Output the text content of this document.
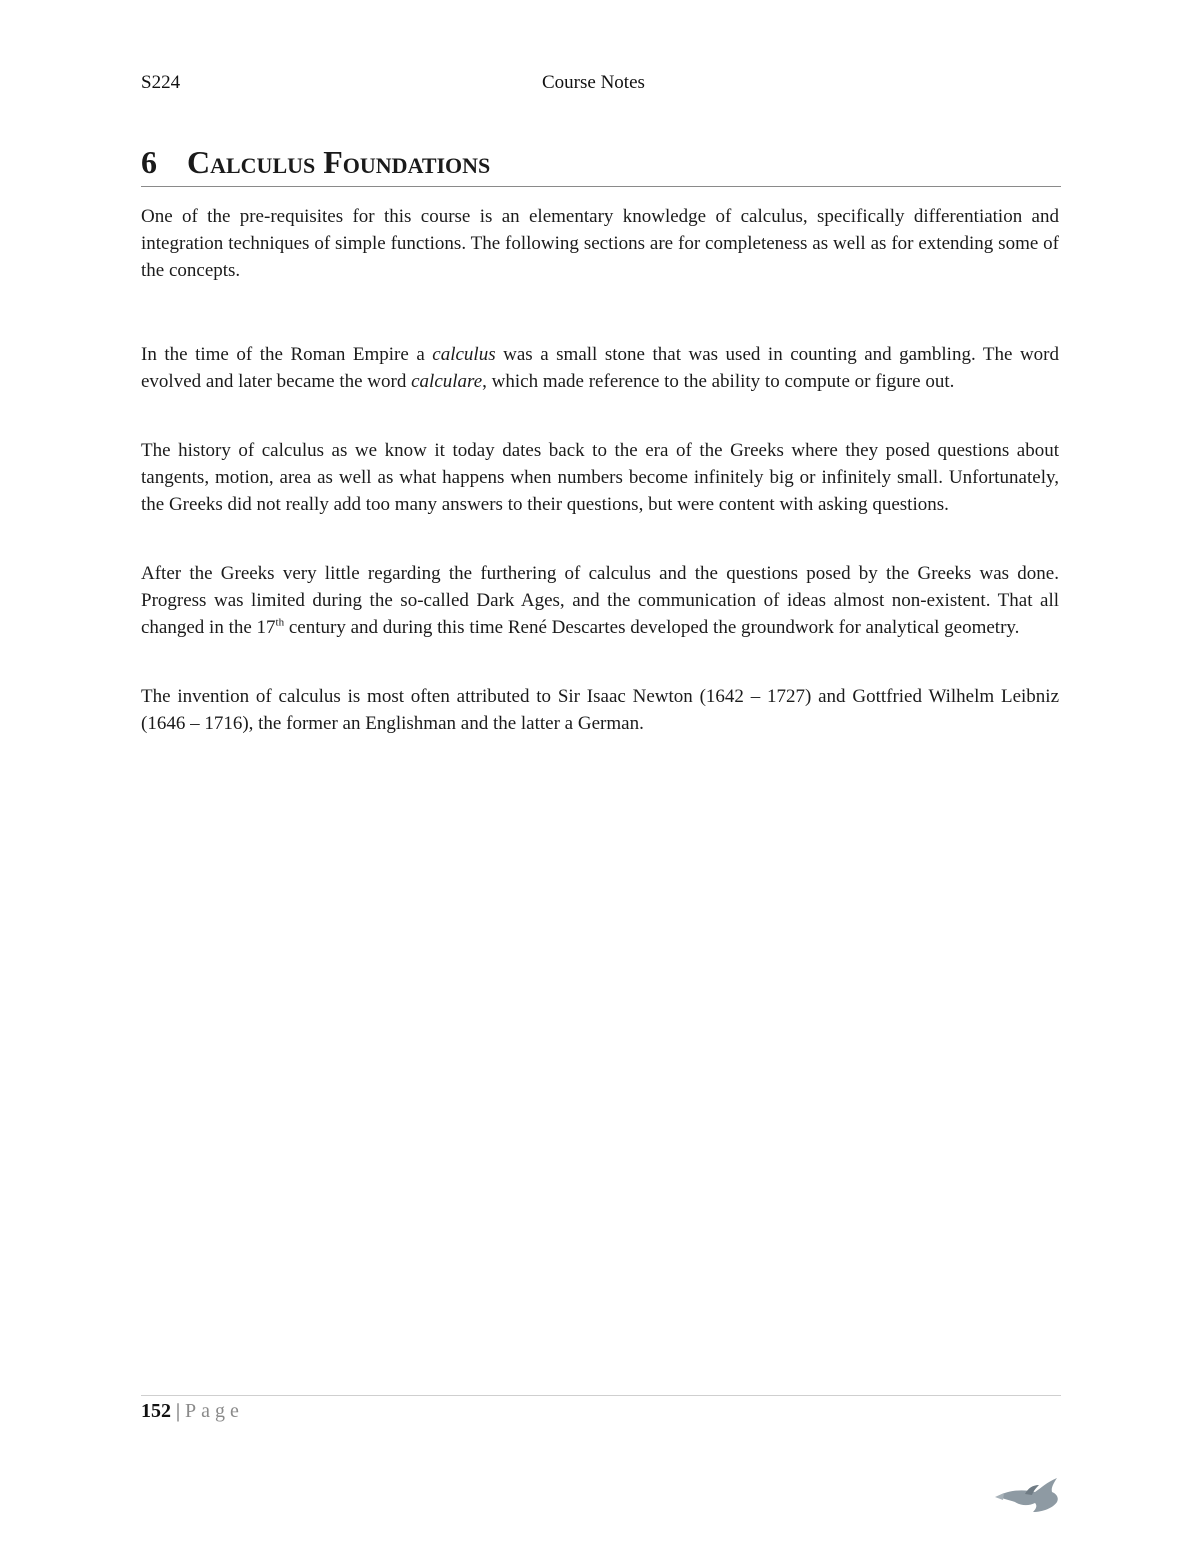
S224	Course Notes
6 Calculus Foundations

One of the pre-requisites for this course is an elementary knowledge of calculus, specifically differentiation and integration techniques of simple functions. The following sections are for completeness as well as for extending some of the concepts.

In the time of the Roman Empire a calculus was a small stone that was used in counting and gambling. The word evolved and later became the word calculare, which made reference to the ability to compute or figure out.

The history of calculus as we know it today dates back to the era of the Greeks where they posed questions about tangents, motion, area as well as what happens when numbers become infinitely big or infinitely small. Unfortunately, the Greeks did not really add too many answers to their questions, but were content with asking questions.

After the Greeks very little regarding the furthering of calculus and the questions posed by the Greeks was done. Progress was limited during the so-called Dark Ages, and the communication of ideas almost non-existent. That all changed in the 17th century and during this time René Descartes developed the groundwork for analytical geometry.

The invention of calculus is most often attributed to Sir Isaac Newton (1642 – 1727) and Gottfried Wilhelm Leibniz (1646 – 1716), the former an Englishman and the latter a German.

152 | Page
